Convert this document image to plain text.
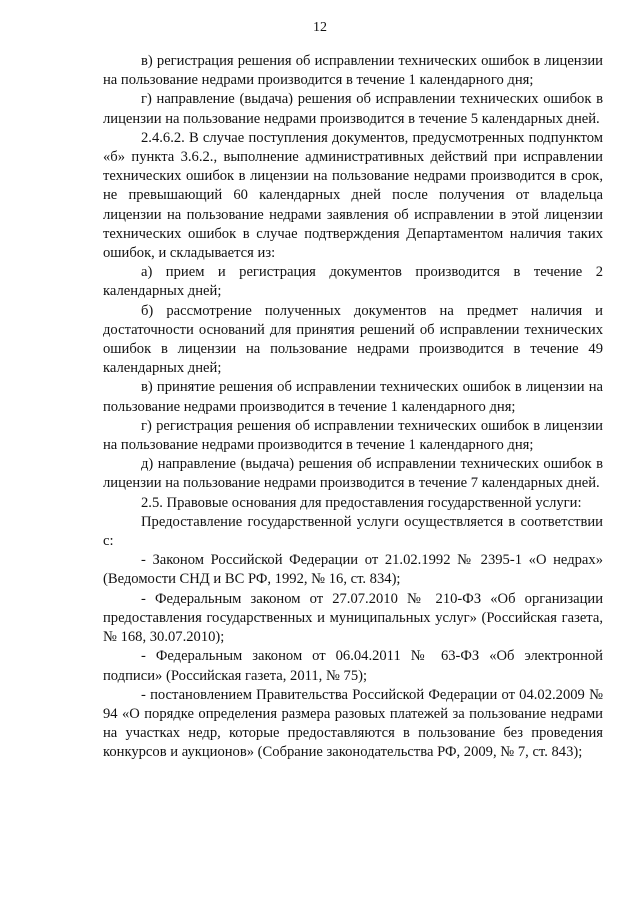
12

в) регистрация решения об исправлении технических ошибок в лицензии на пользование недрами производится в течение 1 календарного дня;

г) направление (выдача) решения об исправлении технических ошибок в лицензии на пользование недрами производится в течение 5 календарных дней.

2.4.6.2. В случае поступления документов, предусмотренных подпунктом «б» пункта 3.6.2., выполнение административных действий при исправлении технических ошибок в лицензии на пользование недрами производится в срок, не превышающий 60 календарных дней после получения от владельца лицензии на пользование недрами заявления об исправлении в этой лицензии технических ошибок в случае подтверждения Департаментом наличия таких ошибок, и складывается из:

а) прием и регистрация документов производится в течение 2 календарных дней;

б) рассмотрение полученных документов на предмет наличия и достаточности оснований для принятия решений об исправлении технических ошибок в лицензии на пользование недрами производится в течение 49 календарных дней;

в) принятие решения об исправлении технических ошибок в лицензии на пользование недрами производится в течение 1 календарного дня;

г) регистрация решения об исправлении технических ошибок в лицензии на пользование недрами производится в течение 1 календарного дня;

д) направление (выдача) решения об исправлении технических ошибок в лицензии на пользование недрами производится в течение 7 календарных дней.

2.5. Правовые основания для предоставления государственной услуги:

Предоставление государственной услуги осуществляется в соответствии с:

- Законом Российской Федерации от 21.02.1992 № 2395-1 «О недрах» (Ведомости СНД и ВС РФ, 1992, № 16, ст. 834);

- Федеральным законом от 27.07.2010 № 210-ФЗ «Об организации предоставления государственных и муниципальных услуг» (Российская газета, № 168, 30.07.2010);

- Федеральным законом от 06.04.2011 № 63-ФЗ «Об электронной подписи» (Российская газета, 2011, № 75);

- постановлением Правительства Российской Федерации от 04.02.2009 № 94 «О порядке определения размера разовых платежей за пользование недрами на участках недр, которые предоставляются в пользование без проведения конкурсов и аукционов» (Собрание законодательства РФ, 2009, № 7, ст. 843);
